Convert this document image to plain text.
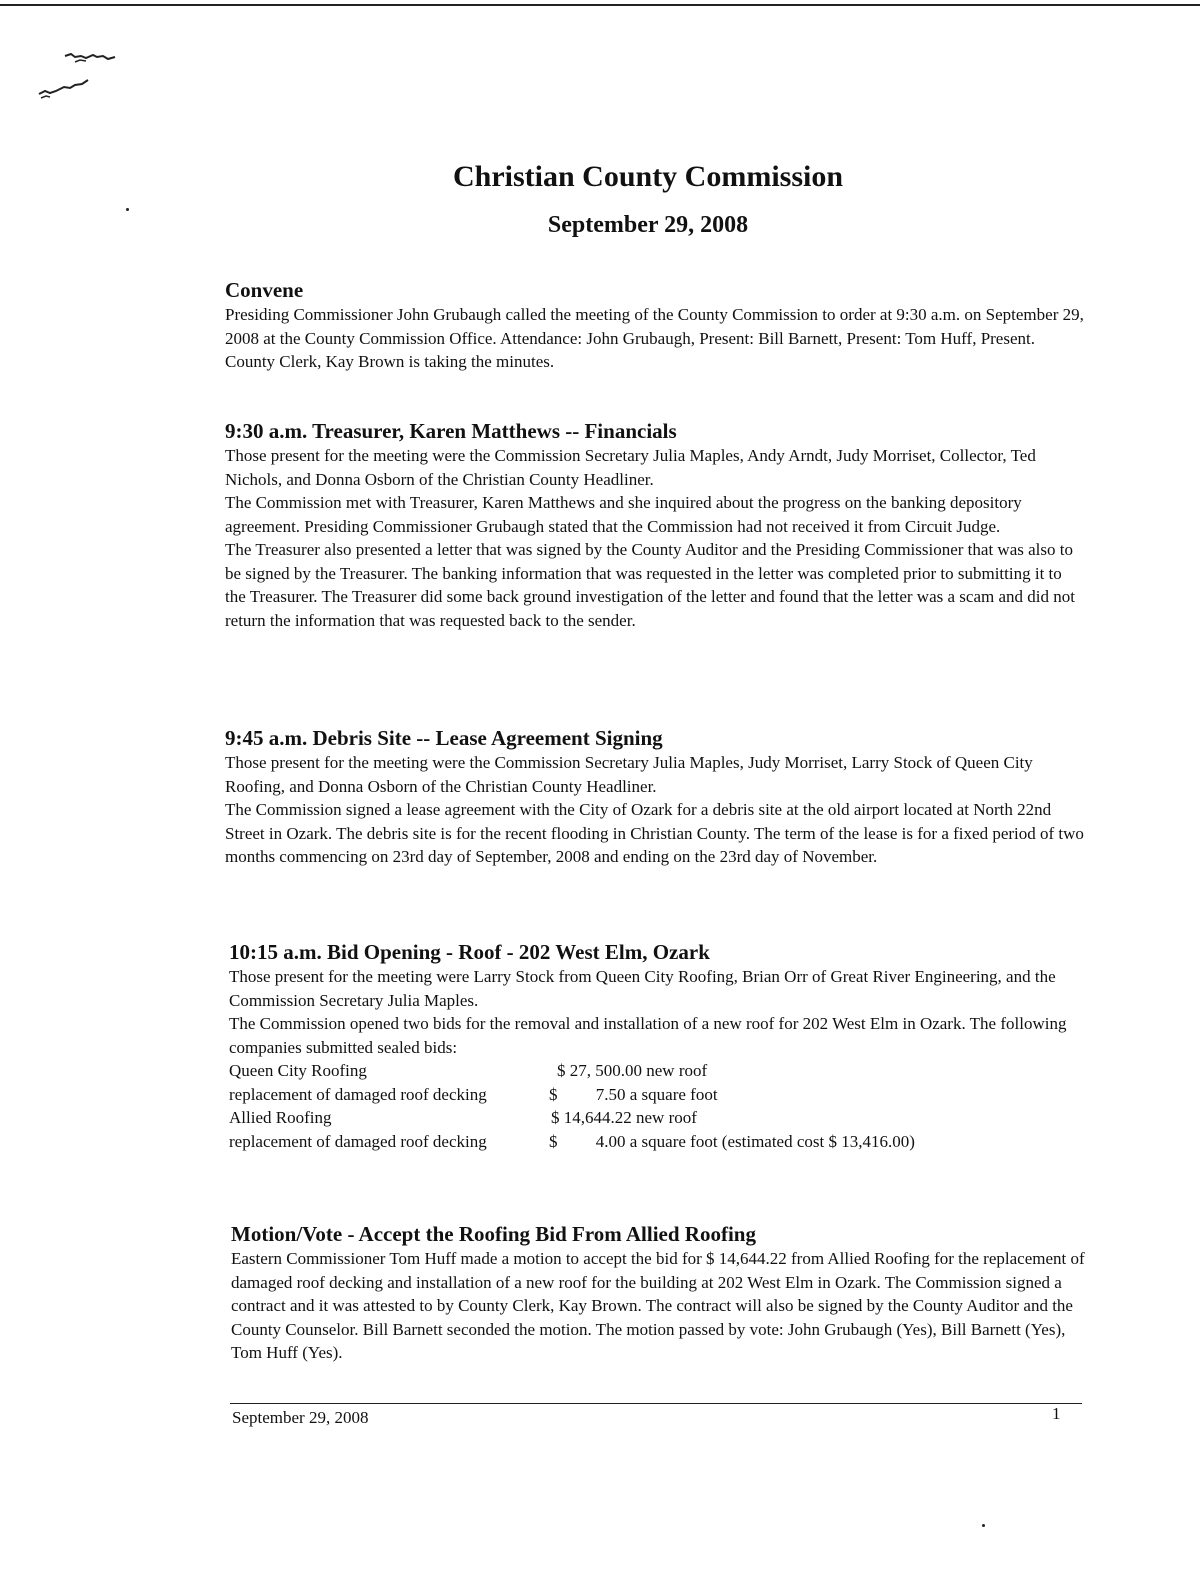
Christian County Commission
September 29, 2008
Convene

Presiding Commissioner John Grubaugh called the meeting of the County Commission to order at 9:30 a.m. on September 29, 2008 at the County Commission Office. Attendance: John Grubaugh, Present: Bill Barnett, Present: Tom Huff, Present. County Clerk, Kay Brown is taking the minutes.

9:30 a.m. Treasurer, Karen Matthews -- Financials

Those present for the meeting were the Commission Secretary Julia Maples, Andy Arndt, Judy Morriset, Collector, Ted Nichols, and Donna Osborn of the Christian County Headliner.

The Commission met with Treasurer, Karen Matthews and she inquired about the progress on the banking depository agreement. Presiding Commissioner Grubaugh stated that the Commission had not received it from Circuit Judge.

The Treasurer also presented a letter that was signed by the County Auditor and the Presiding Commissioner that was also to be signed by the Treasurer. The banking information that was requested in the letter was completed prior to submitting it to the Treasurer. The Treasurer did some back ground investigation of the letter and found that the letter was a scam and did not return the information that was requested back to the sender.

9:45 a.m. Debris Site -- Lease Agreement Signing

Those present for the meeting were the Commission Secretary Julia Maples, Judy Morriset, Larry Stock of Queen City Roofing, and Donna Osborn of the Christian County Headliner.

The Commission signed a lease agreement with the City of Ozark for a debris site at the old airport located at North 22nd Street in Ozark. The debris site is for the recent flooding in Christian County. The term of the lease is for a fixed period of two months commencing on 23rd day of September, 2008 and ending on the 23rd day of November.

10:15 a.m. Bid Opening - Roof - 202 West Elm, Ozark

Those present for the meeting were Larry Stock from Queen City Roofing, Brian Orr of Great River Engineering, and the Commission Secretary Julia Maples.

The Commission opened two bids for the removal and installation of a new roof for 202 West Elm in Ozark. The following companies submitted sealed bids:

Queen City Roofing	$ 27, 500.00 new roof
replacement of damaged roof decking	$         7.50 a square foot
Allied Roofing	$ 14,644.22 new roof
replacement of damaged roof decking	$         4.00 a square foot (estimated cost $ 13,416.00)
Motion/Vote - Accept the Roofing Bid From Allied Roofing

Eastern Commissioner Tom Huff made a motion to accept the bid for $ 14,644.22 from Allied Roofing for the replacement of damaged roof decking and installation of a new roof for the building at 202 West Elm in Ozark. The Commission signed a contract and it was attested to by County Clerk, Kay Brown. The contract will also be signed by the County Auditor and the County Counselor. Bill Barnett seconded the motion. The motion passed by vote: John Grubaugh (Yes), Bill Barnett (Yes), Tom Huff (Yes).

September 29, 2008	1
